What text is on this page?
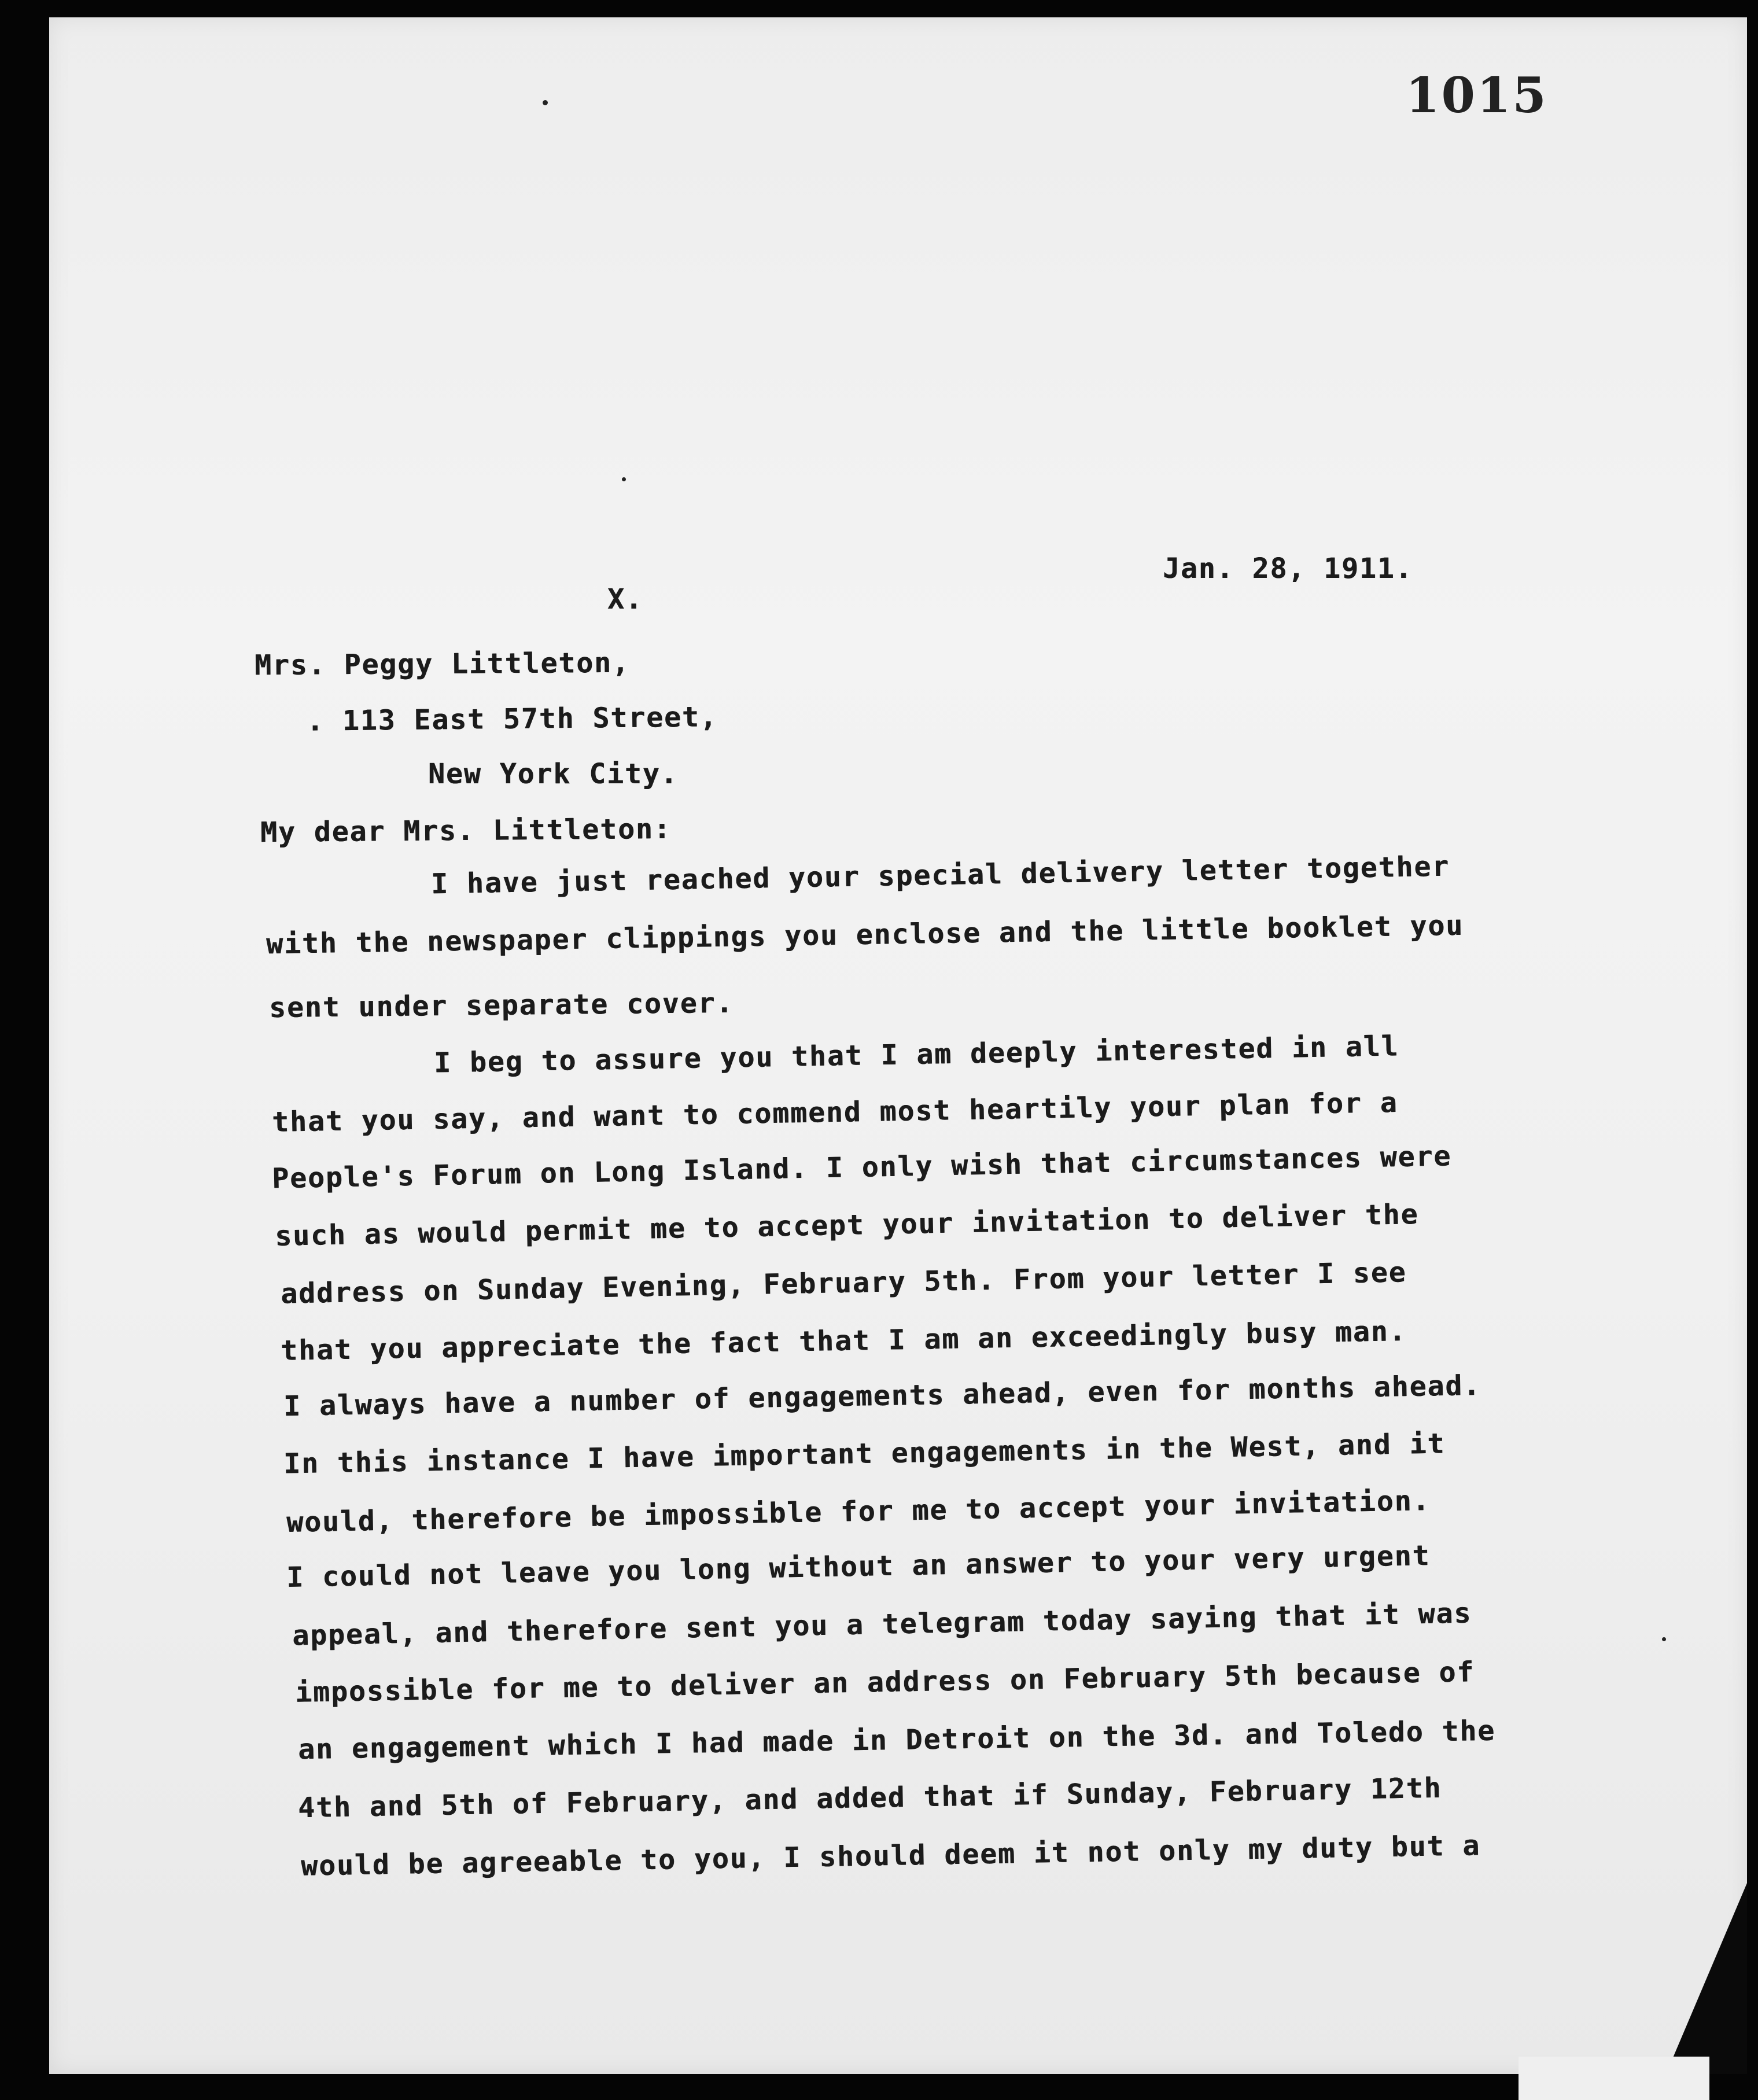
1015
Jan. 28, 1911.
X.
Mrs. Peggy Littleton,
. 113 East 57th Street,
New York City.
My dear Mrs. Littleton:
I have just reached your special delivery letter together
with the newspaper clippings you enclose and the little booklet you
sent under separate cover.
I beg to assure you that I am deeply interested in all
that you say, and want to commend most heartily your plan for a
People's Forum on Long Island. I only wish that circumstances were
such as would permit me to accept your invitation to deliver the
address on Sunday Evening, February 5th. From your letter I see
that you appreciate the fact that I am an exceedingly busy man.
I always have a number of engagements ahead, even for months ahead.
In this instance I have important engagements in the West, and it
would, therefore be impossible for me to accept your invitation.
I could not leave you long without an answer to your very urgent
appeal, and therefore sent you a telegram today saying that it was
impossible for me to deliver an address on February 5th because of
an engagement which I had made in Detroit on the 3d. and Toledo the
4th and 5th of February, and added that if Sunday, February 12th
would be agreeable to you, I should deem it not only my duty but a
